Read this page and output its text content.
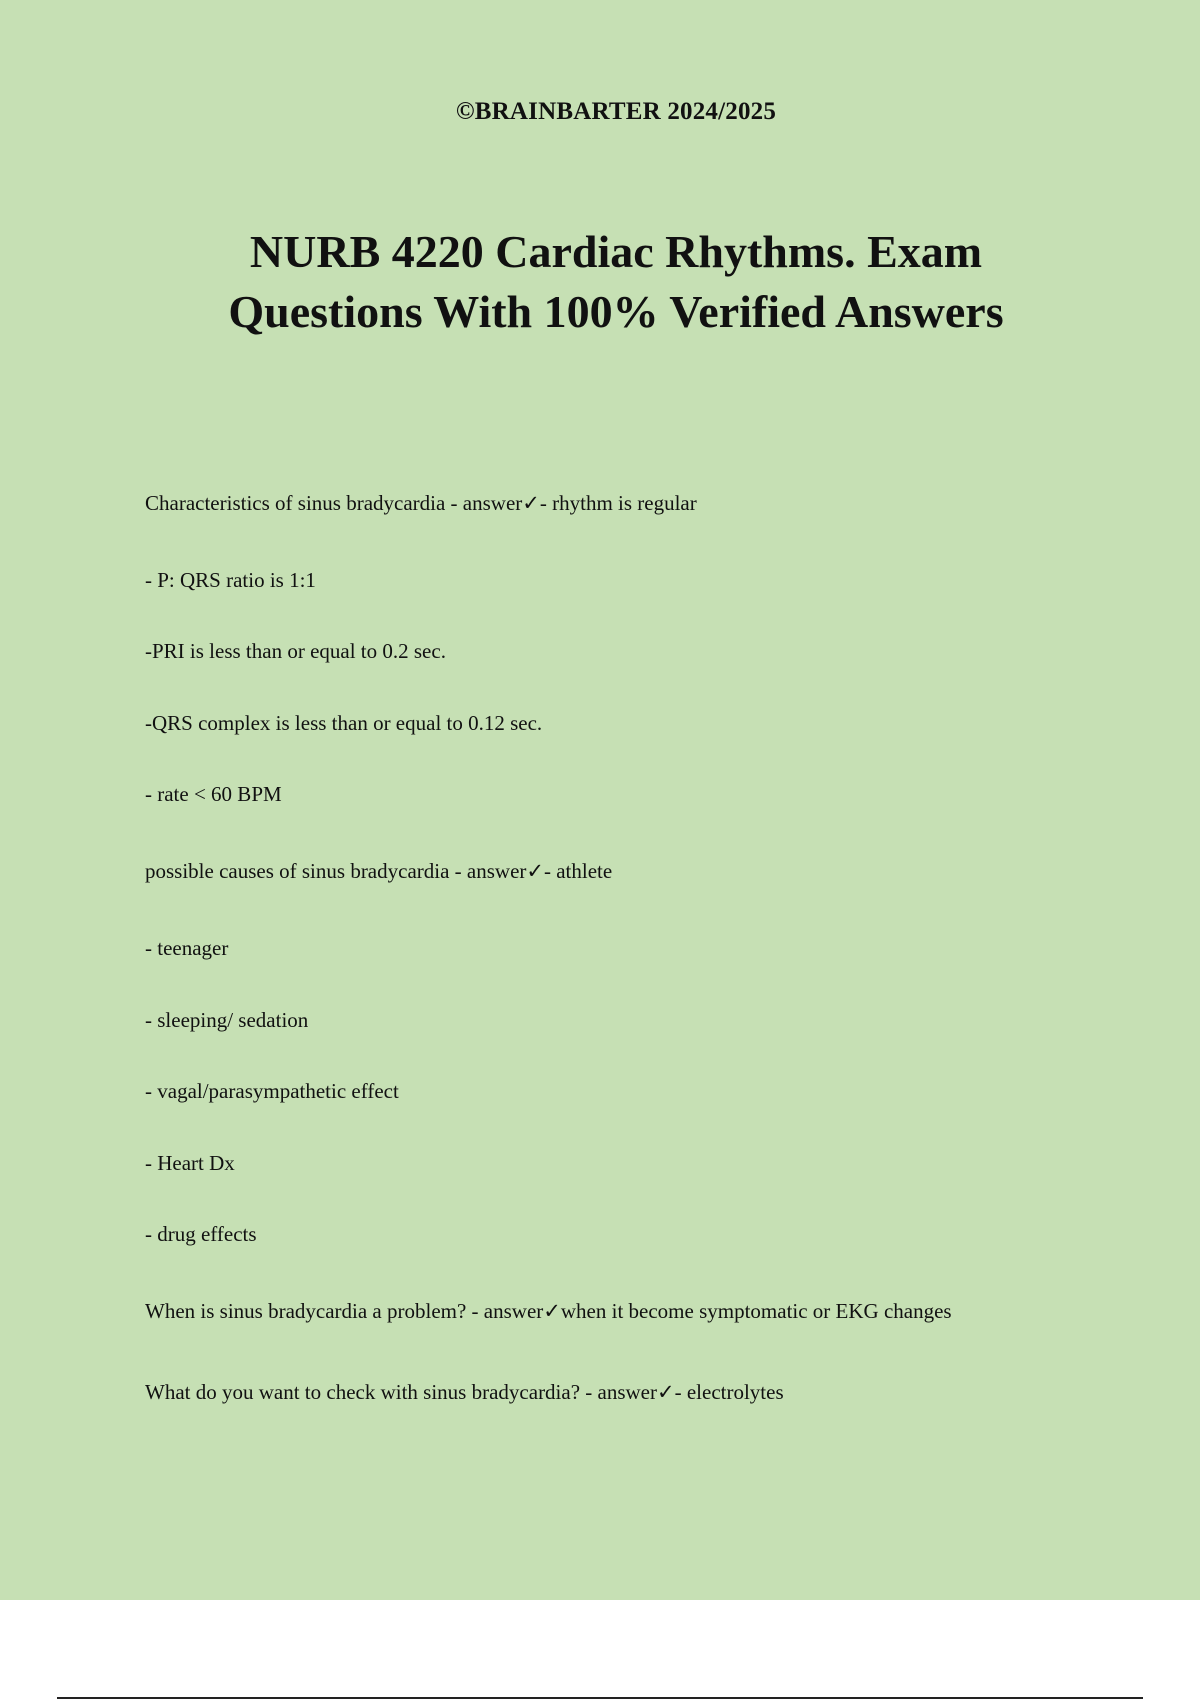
©BRAINBARTER 2024/2025
NURB 4220 Cardiac Rhythms. Exam
Questions With 100% Verified Answers
Characteristics of sinus bradycardia - answer✓- rhythm is regular
- P: QRS ratio is 1:1
-PRI is less than or equal to 0.2 sec.
-QRS complex is less than or equal to 0.12 sec.
- rate < 60 BPM
possible causes of sinus bradycardia - answer✓- athlete
- teenager
- sleeping/ sedation
- vagal/parasympathetic effect
- Heart Dx
- drug effects
When is sinus bradycardia a problem? - answer✓when it become symptomatic or EKG changes
What do you want to check with sinus bradycardia? - answer✓- electrolytes
